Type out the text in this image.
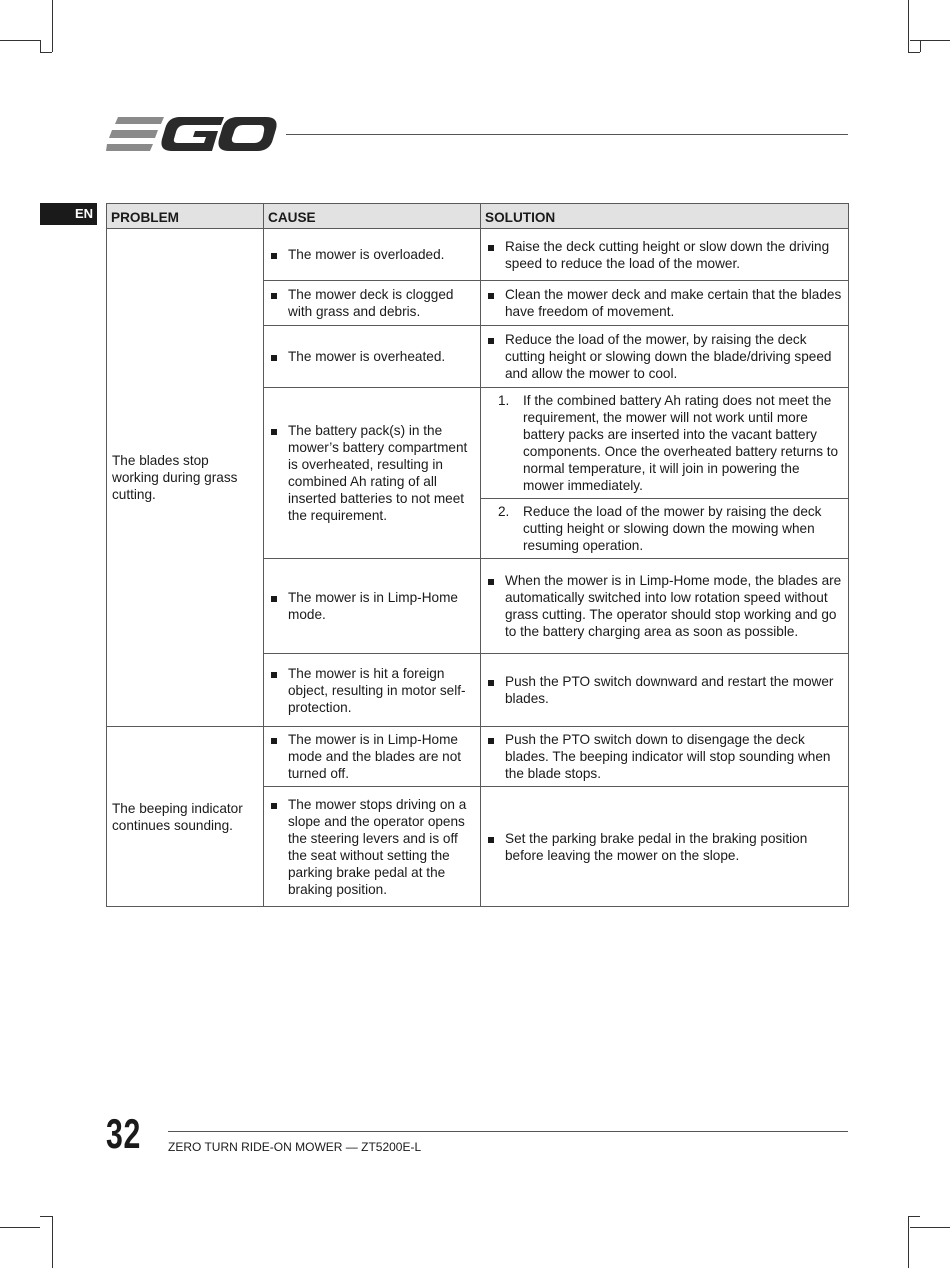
EN PROBLEM	CAUSE	SOLUTION
The blades stop working during grass cutting.	The mower is overloaded.	Raise the deck cutting height or slow down the driving speed to reduce the load of the mower.

	The mower deck is clogged with grass and debris.	Clean the mower deck and make certain that the blades have freedom of movement.

	The mower is overheated.	Reduce the load of the mower, by raising the deck cutting height or slowing down the blade/driving speed and allow the mower to cool.

	The battery pack(s) in the mower’s battery compartment is overheated, resulting in combined Ah rating of all inserted batteries to not meet the requirement.	1. If the combined battery Ah rating does not meet the requirement, the mower will not work until more battery packs are inserted into the vacant battery components. Once the overheated battery returns to normal temperature, it will join in powering the mower immediately.

		2. Reduce the load of the mower by raising the deck cutting height or slowing down the mowing when resuming operation.

	The mower is in Limp-Home mode.	When the mower is in Limp-Home mode, the blades are automatically switched into low rotation speed without grass cutting. The operator should stop working and go to the battery charging area as soon as possible.

	The mower is hit a foreign object, resulting in motor self-protection.	Push the PTO switch downward and restart the mower blades.

The beeping indicator continues sounding.	The mower is in Limp-Home mode and the blades are not turned off.	Push the PTO switch down to disengage the deck blades. The beeping indicator will stop sounding when the blade stops.

	The mower stops driving on a slope and the operator opens the steering levers and is off the seat without setting the parking brake pedal at the braking position.	Set the parking brake pedal in the braking position before leaving the mower on the slope.
32 ZERO TURN RIDE-ON MOWER — ZT5200E-L
